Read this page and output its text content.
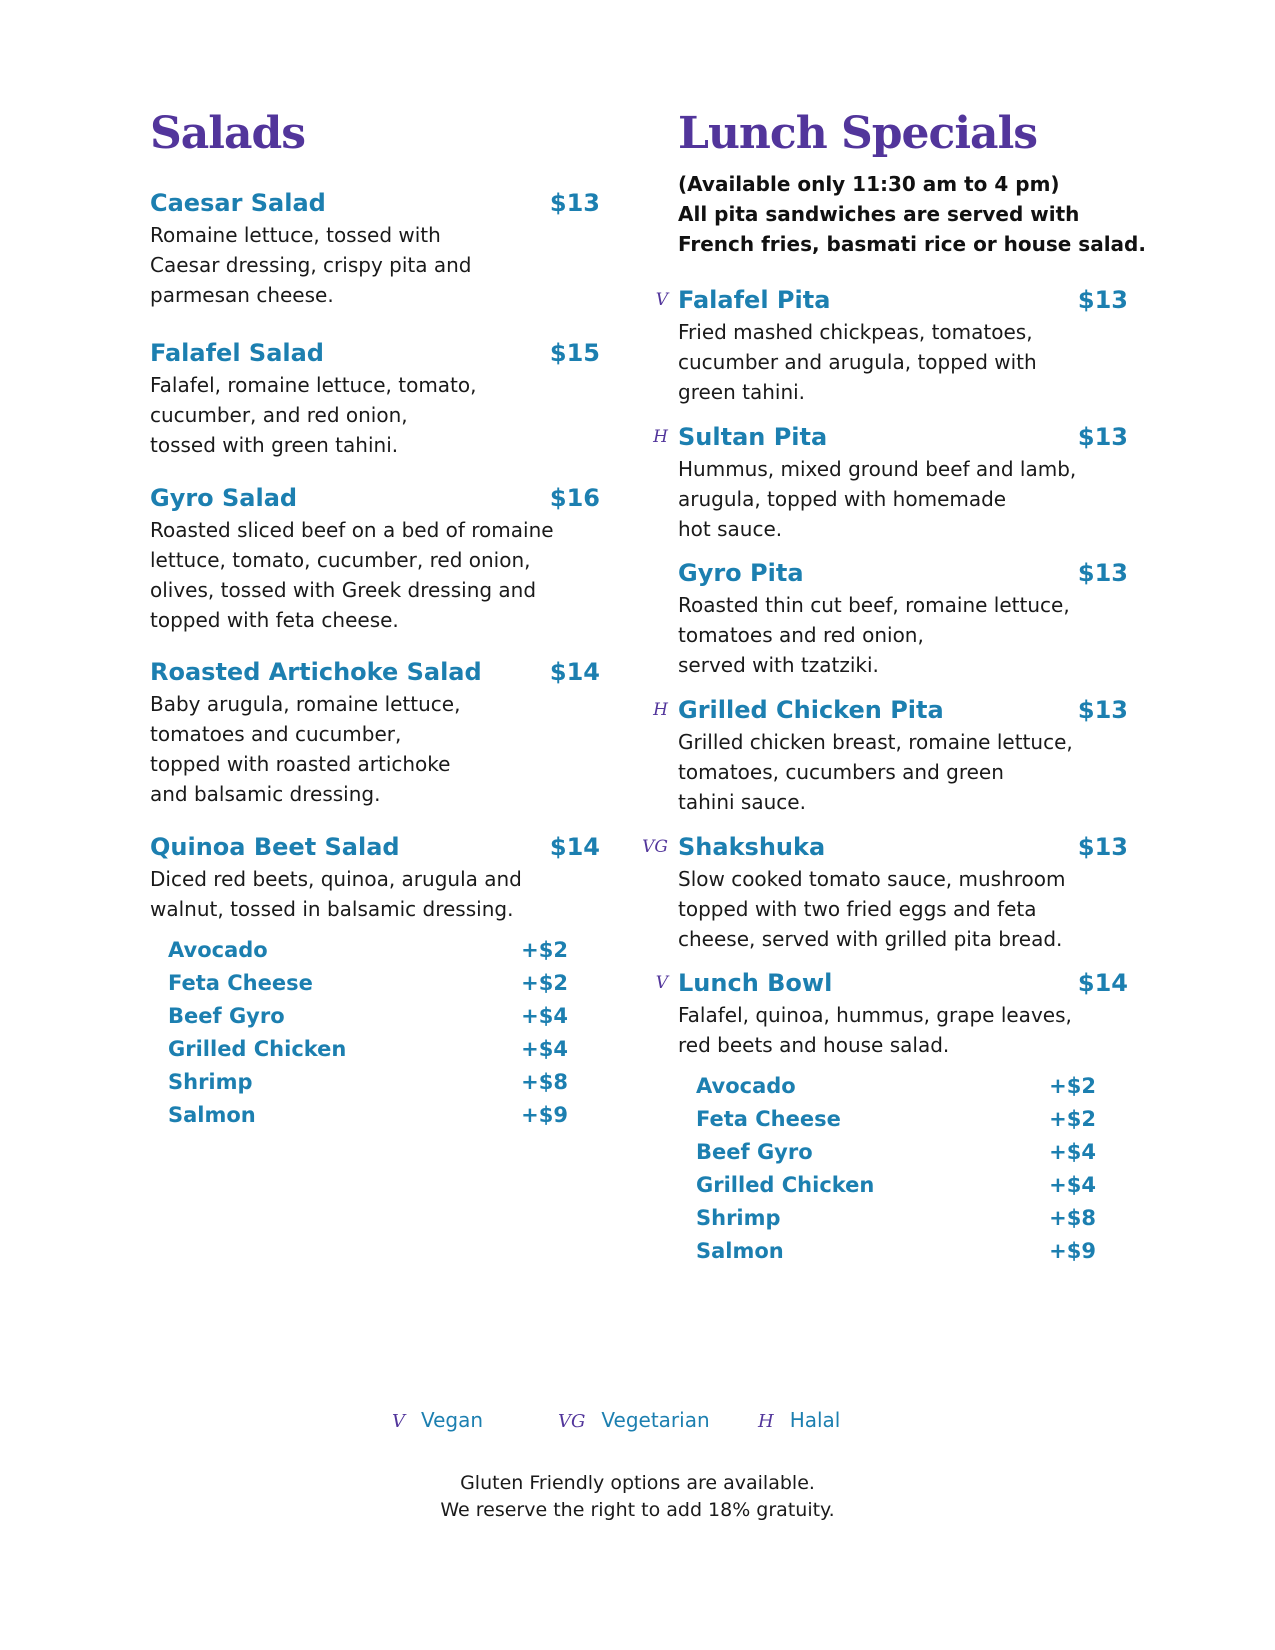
Salads
Caesar Salad	$13
Romaine lettuce, tossed with
Caesar dressing, crispy pita and
parmesan cheese.
Falafel Salad	$15
Falafel, romaine lettuce, tomato,
cucumber, and red onion,
tossed with green tahini.
Gyro Salad	$16
Roasted sliced beef on a bed of romaine
lettuce, tomato, cucumber, red onion,
olives, tossed with Greek dressing and
topped with feta cheese.
Roasted Artichoke Salad	$14
Baby arugula, romaine lettuce,
tomatoes and cucumber,
topped with roasted artichoke
and balsamic dressing.
Quinoa Beet Salad	$14
Diced red beets, quinoa, arugula and
walnut, tossed in balsamic dressing.
Avocado	+$2
Feta Cheese	+$2
Beef Gyro	+$4
Grilled Chicken	+$4
Shrimp	+$8
Salmon	+$9
Lunch Specials
(Available only 11:30 am to 4 pm)
All pita sandwiches are served with
French fries, basmati rice or house salad.
V Falafel Pita	$13
Fried mashed chickpeas, tomatoes,
cucumber and arugula, topped with
green tahini.
H Sultan Pita	$13
Hummus, mixed ground beef and lamb,
arugula, topped with homemade
hot sauce.
Gyro Pita	$13
Roasted thin cut beef, romaine lettuce,
tomatoes and red onion,
served with tzatziki.
H Grilled Chicken Pita	$13
Grilled chicken breast, romaine lettuce,
tomatoes, cucumbers and green
tahini sauce.
VG Shakshuka	$13
Slow cooked tomato sauce, mushroom
topped with two fried eggs and feta
cheese, served with grilled pita bread.
V Lunch Bowl	$14
Falafel, quinoa, hummus, grape leaves,
red beets and house salad.
Avocado	+$2
Feta Cheese	+$2
Beef Gyro	+$4
Grilled Chicken	+$4
Shrimp	+$8
Salmon	+$9
V Vegan	VG Vegetarian	H Halal
Gluten Friendly options are available.
We reserve the right to add 18% gratuity.
